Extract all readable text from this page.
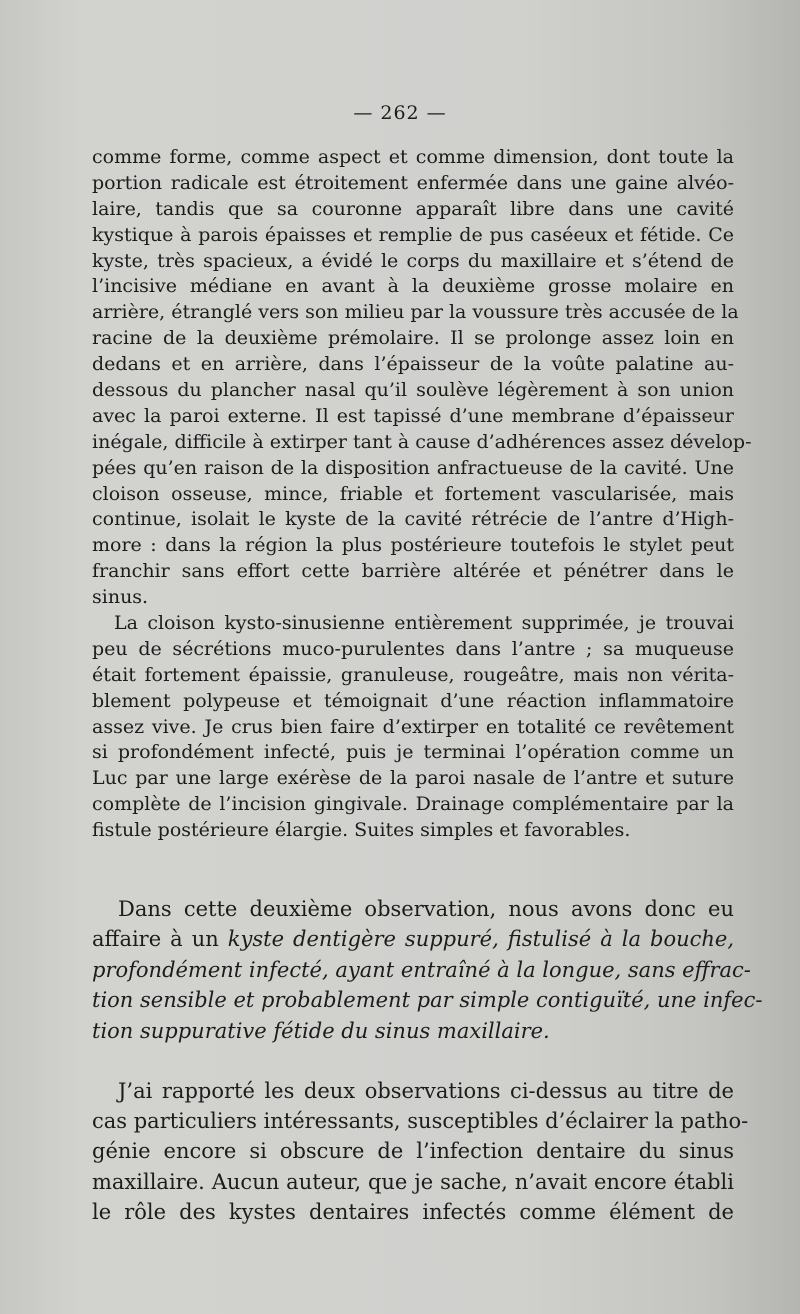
— 262 —
comme forme, comme aspect et comme dimension, dont toute la
portion radicale est étroitement enfermée dans une gaine alvéo-
laire, tandis que sa couronne apparaît libre dans une cavité
kystique à parois épaisses et remplie de pus caséeux et fétide. Ce
kyste, très spacieux, a évidé le corps du maxillaire et s’étend de
l’incisive médiane en avant à la deuxième grosse molaire en
arrière, étranglé vers son milieu par la voussure très accusée de la
racine de la deuxième prémolaire. Il se prolonge assez loin en
dedans et en arrière, dans l’épaisseur de la voûte palatine au-
dessous du plancher nasal qu’il soulève légèrement à son union
avec la paroi externe. Il est tapissé d’une membrane d’épaisseur
inégale, difficile à extirper tant à cause d’adhérences assez dévelop-
pées qu’en raison de la disposition anfractueuse de la cavité. Une
cloison osseuse, mince, friable et fortement vascularisée, mais
continue, isolait le kyste de la cavité rétrécie de l’antre d’High-
more : dans la région la plus postérieure toutefois le stylet peut
franchir sans effort cette barrière altérée et pénétrer dans le
sinus.
La cloison kysto-sinusienne entièrement supprimée, je trouvai
peu de sécrétions muco-purulentes dans l’antre ; sa muqueuse
était fortement épaissie, granuleuse, rougeâtre, mais non vérita-
blement polypeuse et témoignait d’une réaction inflammatoire
assez vive. Je crus bien faire d’extirper en totalité ce revêtement
si profondément infecté, puis je terminai l’opération comme un
Luc par une large exérèse de la paroi nasale de l’antre et suture
complète de l’incision gingivale. Drainage complémentaire par la
fistule postérieure élargie. Suites simples et favorables.
Dans cette deuxième observation, nous avons donc eu
affaire à un kyste dentigère suppuré, fistulisé à la bouche,
profondément infecté, ayant entraîné à la longue, sans effrac-
tion sensible et probablement par simple contiguïté, une infec-
tion suppurative fétide du sinus maxillaire.
J’ai rapporté les deux observations ci-dessus au titre de
cas particuliers intéressants, susceptibles d’éclairer la patho-
génie encore si obscure de l’infection dentaire du sinus
maxillaire. Aucun auteur, que je sache, n’avait encore établi
le rôle des kystes dentaires infectés comme élément de
